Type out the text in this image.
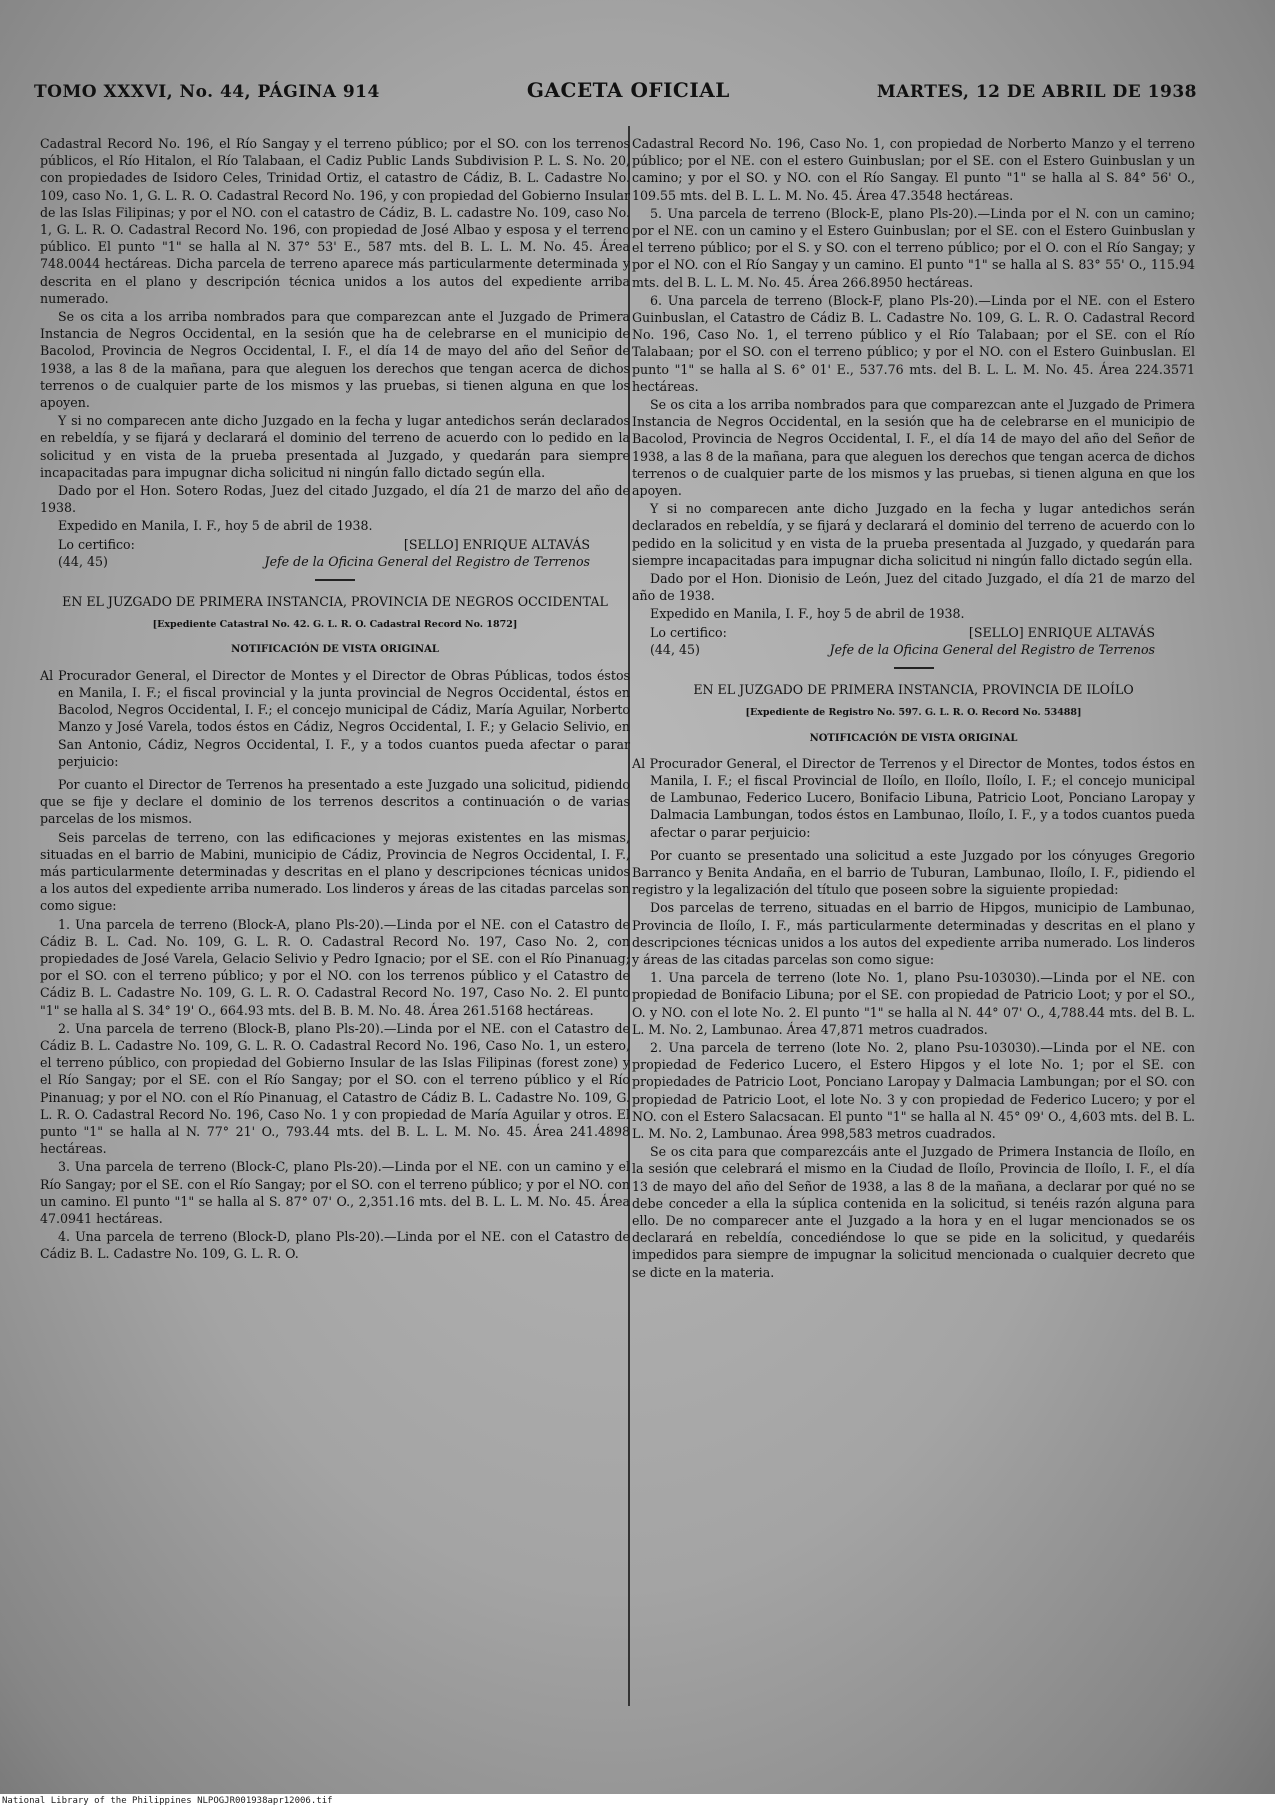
TOMO XXXVI, No. 44, PÁGINA 914	GACETA OFICIAL	MARTES, 12 DE ABRIL DE 1938

Cadastral Record No. 196, el Río Sangay y el terreno público; por el SO. con los terrenos públicos, el Río Hitalon, el Río Talabaan, el Cadiz Public Lands Subdivision P. L. S. No. 20, con propiedades de Isidoro Celes, Trinidad Ortiz, el catastro de Cádiz, B. L. Cadastre No. 109, caso No. 1, G. L. R. O. Cadastral Record No. 196, y con propiedad del Gobierno Insular de las Islas Filipinas; y por el NO. con el catastro de Cádiz, B. L. cadastre No. 109, caso No. 1, G. L. R. O. Cadastral Record No. 196, con propiedad de José Albao y esposa y el terreno público. El punto "1" se halla al N. 37° 53' E., 587 mts. del B. L. L. M. No. 45. Área 748.0044 hectáreas. Dicha parcela de terreno aparece más particularmente determinada y descrita en el plano y descripción técnica unidos a los autos del expediente arriba numerado.

Se os cita a los arriba nombrados para que comparezcan ante el Juzgado de Primera Instancia de Negros Occidental, en la sesión que ha de celebrarse en el municipio de Bacolod, Provincia de Negros Occidental, I. F., el día 14 de mayo del año del Señor de 1938, a las 8 de la mañana, para que aleguen los derechos que tengan acerca de dichos terrenos o de cualquier parte de los mismos y las pruebas, si tienen alguna en que los apoyen.

Y si no comparecen ante dicho Juzgado en la fecha y lugar antedichos serán declarados en rebeldía, y se fijará y declarará el dominio del terreno de acuerdo con lo pedido en la solicitud y en vista de la prueba presentada al Juzgado, y quedarán para siempre incapacitadas para impugnar dicha solicitud ni ningún fallo dictado según ella.

Dado por el Hon. Sotero Rodas, Juez del citado Juzgado, el día 21 de marzo del año de 1938.

Expedido en Manila, I. F., hoy 5 de abril de 1938.

Lo certifico:	[SELLO] ENRIQUE ALTAVÁS
(44, 45)	Jefe de la Oficina General del Registro de Terrenos

EN EL JUZGADO DE PRIMERA INSTANCIA, PROVINCIA DE NEGROS OCCIDENTAL

[Expediente Catastral No. 42. G. L. R. O. Cadastral Record No. 1872]

NOTIFICACIÓN DE VISTA ORIGINAL

Al Procurador General, el Director de Montes y el Director de Obras Públicas, todos éstos en Manila, I. F.; el fiscal provincial y la junta provincial de Negros Occidental, éstos en Bacolod, Negros Occidental, I. F.; el concejo municipal de Cádiz, María Aguilar, Norberto Manzo y José Varela, todos éstos en Cádiz, Negros Occidental, I. F.; y Gelacio Selivio, en San Antonio, Cádiz, Negros Occidental, I. F., y a todos cuantos pueda afectar o parar perjuicio:

Por cuanto el Director de Terrenos ha presentado a este Juzgado una solicitud, pidiendo que se fije y declare el dominio de los terrenos descritos a continuación o de varias parcelas de los mismos.

Seis parcelas de terreno, con las edificaciones y mejoras existentes en las mismas, situadas en el barrio de Mabini, municipio de Cádiz, Provincia de Negros Occidental, I. F., más particularmente determinadas y descritas en el plano y descripciones técnicas unidos a los autos del expediente arriba numerado. Los linderos y áreas de las citadas parcelas son como sigue:

1. Una parcela de terreno (Block-A, plano Pls-20).—Linda por el NE. con el Catastro de Cádiz B. L. Cad. No. 109, G. L. R. O. Cadastral Record No. 197, Caso No. 2, con propiedades de José Varela, Gelacio Selivio y Pedro Ignacio; por el SE. con el Río Pinanuag; por el SO. con el terreno público; y por el NO. con los terrenos público y el Catastro de Cádiz B. L. Cadastre No. 109, G. L. R. O. Cadastral Record No. 197, Caso No. 2. El punto "1" se halla al S. 34° 19' O., 664.93 mts. del B. B. M. No. 48. Área 261.5168 hectáreas.

2. Una parcela de terreno (Block-B, plano Pls-20).—Linda por el NE. con el Catastro de Cádiz B. L. Cadastre No. 109, G. L. R. O. Cadastral Record No. 196, Caso No. 1, un estero, el terreno público, con propiedad del Gobierno Insular de las Islas Filipinas (forest zone) y el Río Sangay; por el SE. con el Río Sangay; por el SO. con el terreno público y el Río Pinanuag; y por el NO. con el Río Pinanuag, el Catastro de Cádiz B. L. Cadastre No. 109, G. L. R. O. Cadastral Record No. 196, Caso No. 1 y con propiedad de María Aguilar y otros. El punto "1" se halla al N. 77° 21' O., 793.44 mts. del B. L. L. M. No. 45. Área 241.4898 hectáreas.

3. Una parcela de terreno (Block-C, plano Pls-20).—Linda por el NE. con un camino y el Río Sangay; por el SE. con el Río Sangay; por el SO. con el terreno público; y por el NO. con un camino. El punto "1" se halla al S. 87° 07' O., 2,351.16 mts. del B. L. L. M. No. 45. Área 47.0941 hectáreas.

4. Una parcela de terreno (Block-D, plano Pls-20).—Linda por el NE. con el Catastro de Cádiz B. L. Cadastre No. 109, G. L. R. O.

Cadastral Record No. 196, Caso No. 1, con propiedad de Norberto Manzo y el terreno público; por el NE. con el estero Guinbuslan; por el SE. con el Estero Guinbuslan y un camino; y por el SO. y NO. con el Río Sangay. El punto "1" se halla al S. 84° 56' O., 109.55 mts. del B. L. L. M. No. 45. Área 47.3548 hectáreas.

5. Una parcela de terreno (Block-E, plano Pls-20).—Linda por el N. con un camino; por el NE. con un camino y el Estero Guinbuslan; por el SE. con el Estero Guinbuslan y el terreno público; por el S. y SO. con el terreno público; por el O. con el Río Sangay; y por el NO. con el Río Sangay y un camino. El punto "1" se halla al S. 83° 55' O., 115.94 mts. del B. L. L. M. No. 45. Área 266.8950 hectáreas.

6. Una parcela de terreno (Block-F, plano Pls-20).—Linda por el NE. con el Estero Guinbuslan, el Catastro de Cádiz B. L. Cadastre No. 109, G. L. R. O. Cadastral Record No. 196, Caso No. 1, el terreno público y el Río Talabaan; por el SE. con el Río Talabaan; por el SO. con el terreno público; y por el NO. con el Estero Guinbuslan. El punto "1" se halla al S. 6° 01' E., 537.76 mts. del B. L. L. M. No. 45. Área 224.3571 hectáreas.

Se os cita a los arriba nombrados para que comparezcan ante el Juzgado de Primera Instancia de Negros Occidental, en la sesión que ha de celebrarse en el municipio de Bacolod, Provincia de Negros Occidental, I. F., el día 14 de mayo del año del Señor de 1938, a las 8 de la mañana, para que aleguen los derechos que tengan acerca de dichos terrenos o de cualquier parte de los mismos y las pruebas, si tienen alguna en que los apoyen.

Y si no comparecen ante dicho Juzgado en la fecha y lugar antedichos serán declarados en rebeldía, y se fijará y declarará el dominio del terreno de acuerdo con lo pedido en la solicitud y en vista de la prueba presentada al Juzgado, y quedarán para siempre incapacitadas para impugnar dicha solicitud ni ningún fallo dictado según ella.

Dado por el Hon. Dionisio de León, Juez del citado Juzgado, el día 21 de marzo del año de 1938.

Expedido en Manila, I. F., hoy 5 de abril de 1938.

Lo certifico:	[SELLO] ENRIQUE ALTAVÁS
(44, 45)	Jefe de la Oficina General del Registro de Terrenos

EN EL JUZGADO DE PRIMERA INSTANCIA, PROVINCIA DE ILOÍLO

[Expediente de Registro No. 597. G. L. R. O. Record No. 53488]

NOTIFICACIÓN DE VISTA ORIGINAL

Al Procurador General, el Director de Terrenos y el Director de Montes, todos éstos en Manila, I. F.; el fiscal Provincial de Iloílo, en Iloílo, Iloílo, I. F.; el concejo municipal de Lambunao, Federico Lucero, Bonifacio Libuna, Patricio Loot, Ponciano Laropay y Dalmacia Lambungan, todos éstos en Lambunao, Iloílo, I. F., y a todos cuantos pueda afectar o parar perjuicio:

Por cuanto se presentado una solicitud a este Juzgado por los cónyuges Gregorio Barranco y Benita Andaña, en el barrio de Tuburan, Lambunao, Iloílo, I. F., pidiendo el registro y la legalización del título que poseen sobre la siguiente propiedad:

Dos parcelas de terreno, situadas en el barrio de Hipgos, municipio de Lambunao, Provincia de Iloílo, I. F., más particularmente determinadas y descritas en el plano y descripciones técnicas unidos a los autos del expediente arriba numerado. Los linderos y áreas de las citadas parcelas son como sigue:

1. Una parcela de terreno (lote No. 1, plano Psu-103030).—Linda por el NE. con propiedad de Bonifacio Libuna; por el SE. con propiedad de Patricio Loot; y por el SO., O. y NO. con el lote No. 2. El punto "1" se halla al N. 44° 07' O., 4,788.44 mts. del B. L. L. M. No. 2, Lambunao. Área 47,871 metros cuadrados.

2. Una parcela de terreno (lote No. 2, plano Psu-103030).—Linda por el NE. con propiedad de Federico Lucero, el Estero Hipgos y el lote No. 1; por el SE. con propiedades de Patricio Loot, Ponciano Laropay y Dalmacia Lambungan; por el SO. con propiedad de Patricio Loot, el lote No. 3 y con propiedad de Federico Lucero; y por el NO. con el Estero Salacsacan. El punto "1" se halla al N. 45° 09' O., 4,603 mts. del B. L. L. M. No. 2, Lambunao. Área 998,583 metros cuadrados.

Se os cita para que comparezcáis ante el Juzgado de Primera Instancia de Iloílo, en la sesión que celebrará el mismo en la Ciudad de Iloílo, Provincia de Iloílo, I. F., el día 13 de mayo del año del Señor de 1938, a las 8 de la mañana, a declarar por qué no se debe conceder a ella la súplica contenida en la solicitud, si tenéis razón alguna para ello. De no comparecer ante el Juzgado a la hora y en el lugar mencionados se os declarará en rebeldía, concediéndose lo que se pide en la solicitud, y quedaréis impedidos para siempre de impugnar la solicitud mencionada o cualquier decreto que se dicte en la materia.

National Library of the Philippines NLPOGJR001938apr12006.tif
